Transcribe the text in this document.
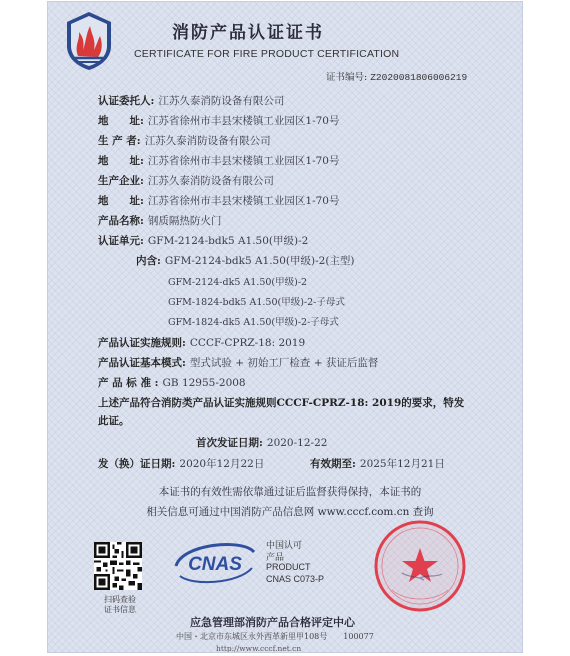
消防产品认证证书
CERTIFICATE FOR FIRE PRODUCT CERTIFICATION
证书编号: Z2020081806006219
认证委托人: 江苏久泰消防设备有限公司
地　　址: 江苏省徐州市丰县宋楼镇工业园区1-70号
生 产 者: 江苏久泰消防设备有限公司
地　　址: 江苏省徐州市丰县宋楼镇工业园区1-70号
生产企业: 江苏久泰消防设备有限公司
地　　址: 江苏省徐州市丰县宋楼镇工业园区1-70号
产品名称: 钢质隔热防火门
认证单元: GFM-2124-bdk5 A1.50(甲级)-2
内含: GFM-2124-bdk5 A1.50(甲级)-2(主型)
GFM-2124-dk5 A1.50(甲级)-2
GFM-1824-bdk5 A1.50(甲级)-2-子母式
GFM-1824-dk5 A1.50(甲级)-2-子母式
产品认证实施规则: CCCF-CPRZ-18: 2019
产品认证基本模式: 型式试验 + 初始工厂检查 + 获证后监督
产 品 标 准 : GB 12955-2008
上述产品符合消防类产品认证实施规则CCCF-CPRZ-18: 2019的要求，特发此证。
首次发证日期: 2020-12-22
发（换）证日期: 2020年12月22日	有效期至: 2025年12月21日
本证书的有效性需依靠通过证后监督获得保持，本证书的
相关信息可通过中国消防产品信息网 www.cccf.com.cn 查询
扫码查验
证书信息
CNAS
中国认可
产品
PRODUCT
CNAS C073-P
应急管理部消防产品合格评定中心
中国・北京市东城区永外西革新里甲108号　　100077
http://www.cccf.net.cn
